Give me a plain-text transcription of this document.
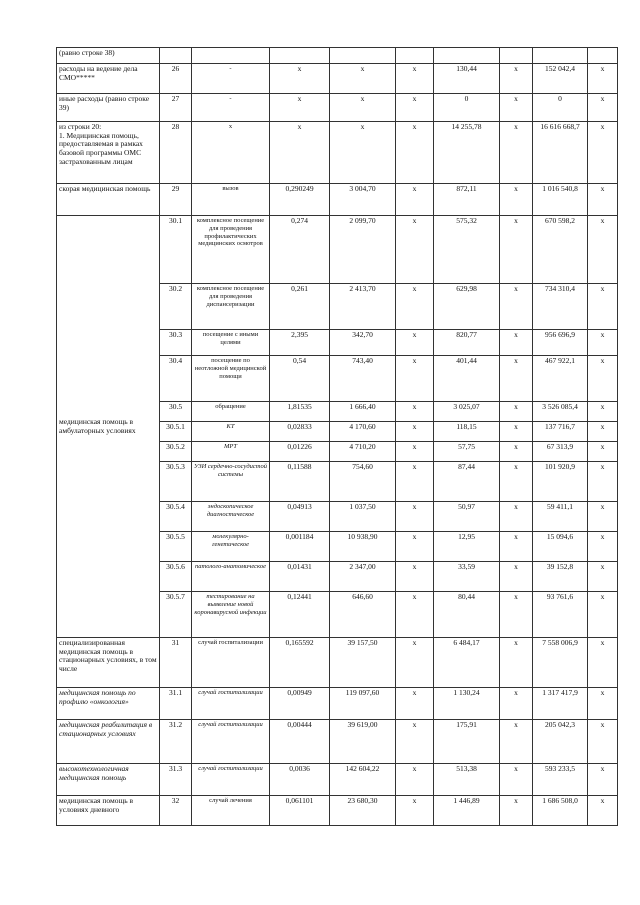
(равно строке 38)									
расходы на ведение дела СМО*****	26	-	x	x	x	130,44	x	152 042,4	x
иные расходы (равно строке 39)	27	-	x	x	x	0	x	0	x
из строки 20:
1. Медицинская помощь, предоставляемая в рамках базовой программы ОМС застрахованным лицам	28	x	x	x	x	14 255,78	x	16 616 668,7	x
скорая медицинская помощь	29	вызов	0,290249	3 004,70	x	872,11	x	1 016 540,8	x
медицинская помощь в амбулаторных условиях	30.1	комплексное посещение для проведения профилактических медицинских осмотров	0,274	2 099,70	x	575,32	x	670 598,2	x
	30.2	комплексное посещение для проведения диспансеризации	0,261	2 413,70	x	629,98	x	734 310,4	x
	30.3	посещение с иными целями	2,395	342,70	x	820,77	x	956 696,9	x
	30.4	посещение по неотложной медицинской помощи	0,54	743,40	x	401,44	x	467 922,1	x
	30.5	обращение	1,81535	1 666,40	x	3 025,07	x	3 526 085,4	x
	30.5.1	КТ	0,02833	4 170,60	x	118,15	x	137 716,7	x
	30.5.2	МРТ	0,01226	4 710,20	x	57,75	x	67 313,9	x
	30.5.3	УЗИ сердечно-сосудистой системы	0,11588	754,60	x	87,44	x	101 920,9	x
	30.5.4	эндоскопическое диагностическое	0,04913	1 037,50	x	50,97	x	59 411,1	x
	30.5.5	молекулярно-генетическое	0,001184	10 938,90	x	12,95	x	15 094,6	x
	30.5.6	патолого-анатомическое	0,01431	2 347,00	x	33,59	x	39 152,8	x
	30.5.7	тестирование на выявление новой коронавирусной инфекции	0,12441	646,60	x	80,44	x	93 761,6	x
специализированная медицинская помощь в стационарных условиях, в том числе	31	случай госпитализации	0,165592	39 157,50	x	6 484,17	x	7 558 006,9	x
медицинская помощь по профилю «онкология»	31.1	случай госпитализации	0,00949	119 097,60	x	1 130,24	x	1 317 417,9	x
медицинская реабилитация в стационарных условиях	31.2	случай госпитализации	0,00444	39 619,00	x	175,91	x	205 042,3	x
высокотехнологичная медицинская помощь	31.3	случай госпитализации	0,0036	142 604,22	x	513,38	x	593 233,5	x
медицинская помощь в условиях дневного	32	случай лечения	0,061101	23 680,30	x	1 446,89	x	1 686 508,0	x
